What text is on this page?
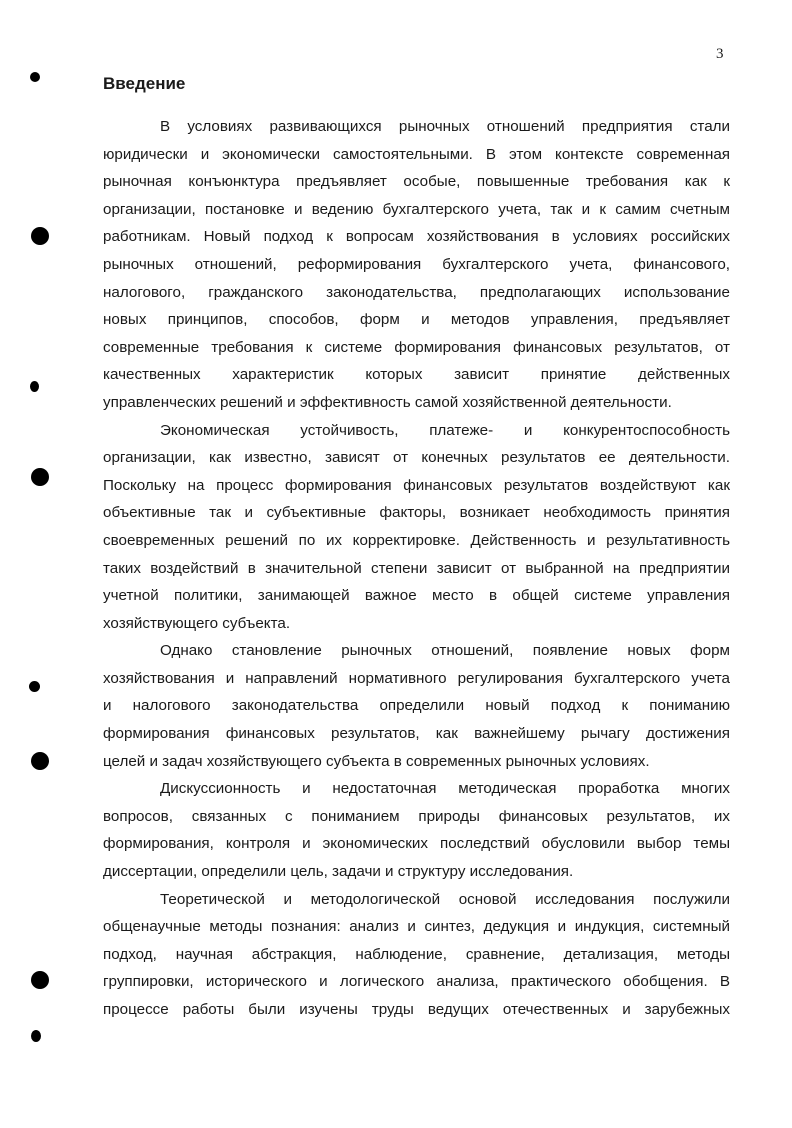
3
Введение
В условиях развивающихся рыночных отношений предприятия стали
юридически и экономически самостоятельными. В этом контексте современная
рыночная конъюнктура предъявляет особые, повышенные требования как к
организации, постановке и ведению бухгалтерского учета, так и к самим счетным
работникам. Новый подход к вопросам хозяйствования в условиях российских
рыночных отношений, реформирования бухгалтерского учета, финансового,
налогового, гражданского законодательства, предполагающих использование
новых принципов, способов, форм и методов управления, предъявляет
современные требования к системе формирования финансовых результатов, от
качественных характеристик которых зависит принятие действенных
управленческих решений и эффективность самой хозяйственной деятельности.
Экономическая устойчивость, платеже- и конкурентоспособность
организации, как известно, зависят от конечных результатов ее деятельности.
Поскольку на процесс формирования финансовых результатов воздействуют как
объективные так и субъективные факторы, возникает необходимость принятия
своевременных решений по их корректировке. Действенность и результативность
таких воздействий в значительной степени зависит от выбранной на предприятии
учетной политики, занимающей важное место в общей системе управления
хозяйствующего субъекта.
Однако становление рыночных отношений, появление новых форм
хозяйствования и направлений нормативного регулирования бухгалтерского учета
и налогового законодательства определили новый подход к пониманию
формирования финансовых результатов, как важнейшему рычагу достижения
целей и задач хозяйствующего субъекта в современных рыночных условиях.
Дискуссионность и недостаточная методическая проработка многих
вопросов, связанных с пониманием природы финансовых результатов, их
формирования, контроля и экономических последствий обусловили выбор темы
диссертации, определили цель, задачи и структуру исследования.
Теоретической и методологической основой исследования послужили
общенаучные методы познания: анализ и синтез, дедукция и индукция, системный
подход, научная абстракция, наблюдение, сравнение, детализация, методы
группировки, исторического и логического анализа, практического обобщения. В
процессе работы были изучены труды ведущих отечественных и зарубежных
